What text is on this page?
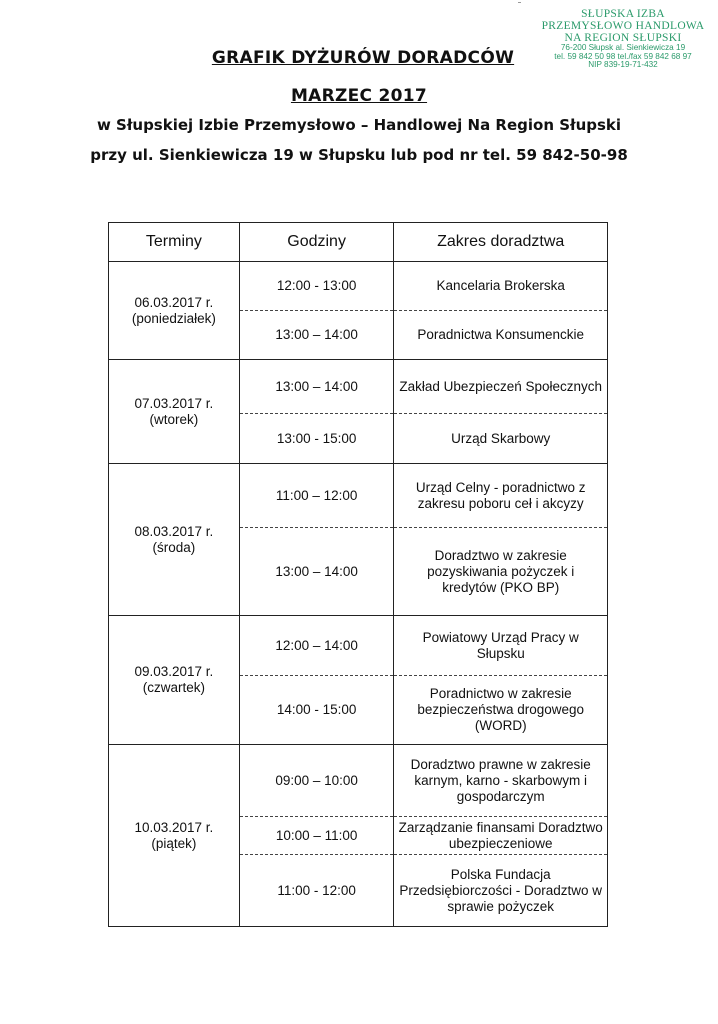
SŁUPSKA IZBA
PRZEMYSŁOWO HANDLOWA
NA REGION SŁUPSKI
76-200 Słupsk al. Sienkiewicza 19
tel. 59 842 50 98 tel./fax 59 842 68 97
NIP 839-19-71-432
GRAFIK DYŻURÓW DORADCÓW
MARZEC 2017
w Słupskiej Izbie Przemysłowo – Handlowej Na Region Słupski
przy ul. Sienkiewicza 19 w Słupsku lub pod nr tel. 59 842-50-98
Terminy	Godziny	Zakres doradztwa

06.03.2017 r.
(poniedziałek)	12:00 - 13:00	Kancelaria Brokerska
	13:00 – 14:00	Poradnictwa Konsumenckie

07.03.2017 r.
(wtorek)	13:00 – 14:00	Zakład Ubezpieczeń Społecznych
	13:00 - 15:00	Urząd Skarbowy

08.03.2017 r.
(środa)	11:00 – 12:00	Urząd Celny - poradnictwo z zakresu poboru ceł i akcyzy
	13:00 – 14:00	Doradztwo w zakresie pozyskiwania pożyczek i kredytów (PKO BP)

09.03.2017 r.
(czwartek)	12:00 – 14:00	Powiatowy Urząd Pracy w Słupsku
	14:00 - 15:00	Poradnictwo w zakresie bezpieczeństwa drogowego (WORD)

10.03.2017 r.
(piątek)	09:00 – 10:00	Doradztwo prawne w zakresie karnym, karno - skarbowym i gospodarczym
	10:00 – 11:00	Zarządzanie finansami Doradztwo ubezpieczeniowe
	11:00 - 12:00	Polska Fundacja Przedsiębiorczości - Doradztwo w sprawie pożyczek
